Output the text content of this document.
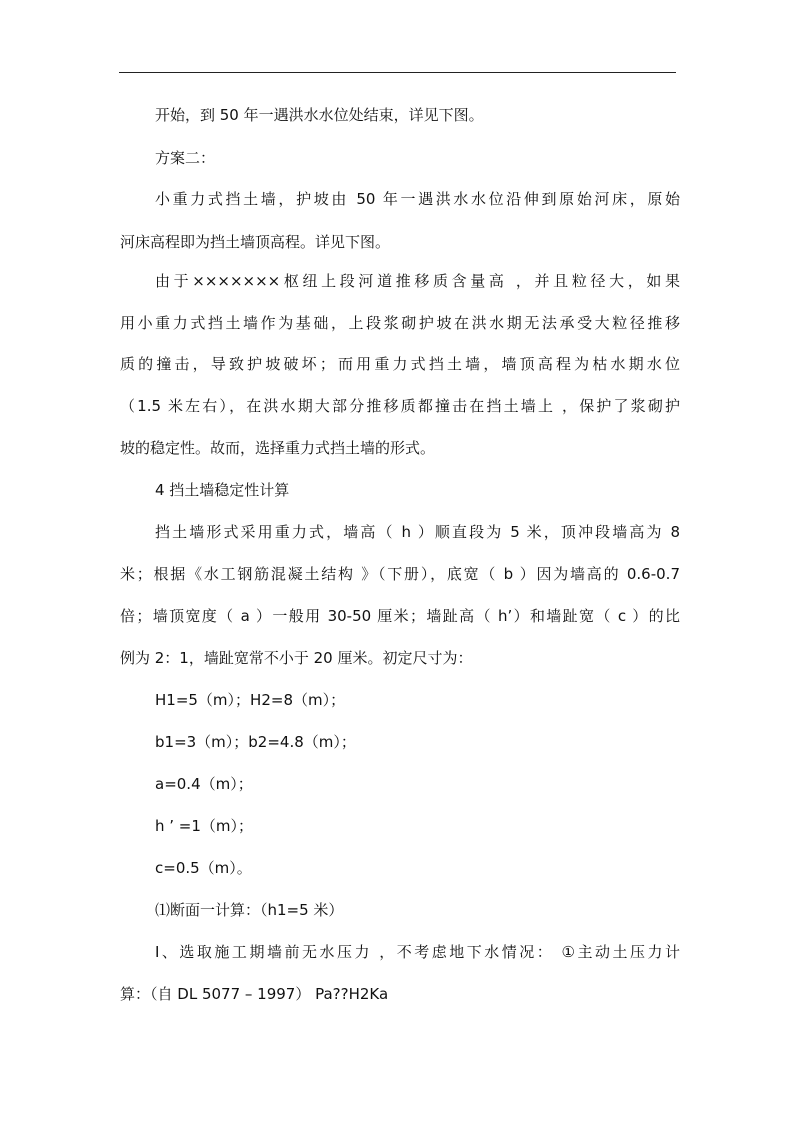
开始，到 50 年一遇洪水水位处结束，详见下图。
方案二：
小重力式挡土墙，护坡由 50 年一遇洪水水位沿伸到原始河床，原始
河床高程即为挡土墙顶高程。详见下图。
由于×××××××枢纽上段河道推移质含量高 ，并且粒径大，如果
用小重力式挡土墙作为基础，上段浆砌护坡在洪水期无法承受大粒径推移
质的撞击，导致护坡破坏；而用重力式挡土墙，墙顶高程为枯水期水位
（1.5 米左右），在洪水期大部分推移质都撞击在挡土墙上 ，保护了浆砌护
坡的稳定性。故而，选择重力式挡土墙的形式。
4 挡土墙稳定性计算
挡土墙形式采用重力式，墙高（ h ）顺直段为 5 米，顶冲段墙高为 8
米；根据《水工钢筋混凝土结构 》（下册），底宽（ b ）因为墙高的 0.6-0.7
倍；墙顶宽度（ a ）一般用 30-50 厘米；墙趾高（ h’）和墙趾宽（ c ）的比
例为 2：1，墙趾宽常不小于 20 厘米。初定尺寸为：
H1=5（m）；H2=8（m）；
b1=3（m）；b2=4.8（m）；
a=0.4（m）；
h ’ =1（m）；
c=0.5（m）。
⑴断面一计算：（h1=5 米）
Ⅰ、选取施工期墙前无水压力 ，不考虑地下水情况： ①主动土压力计
算：（自 DL 5077 – 1997） Pa??H2Ka
